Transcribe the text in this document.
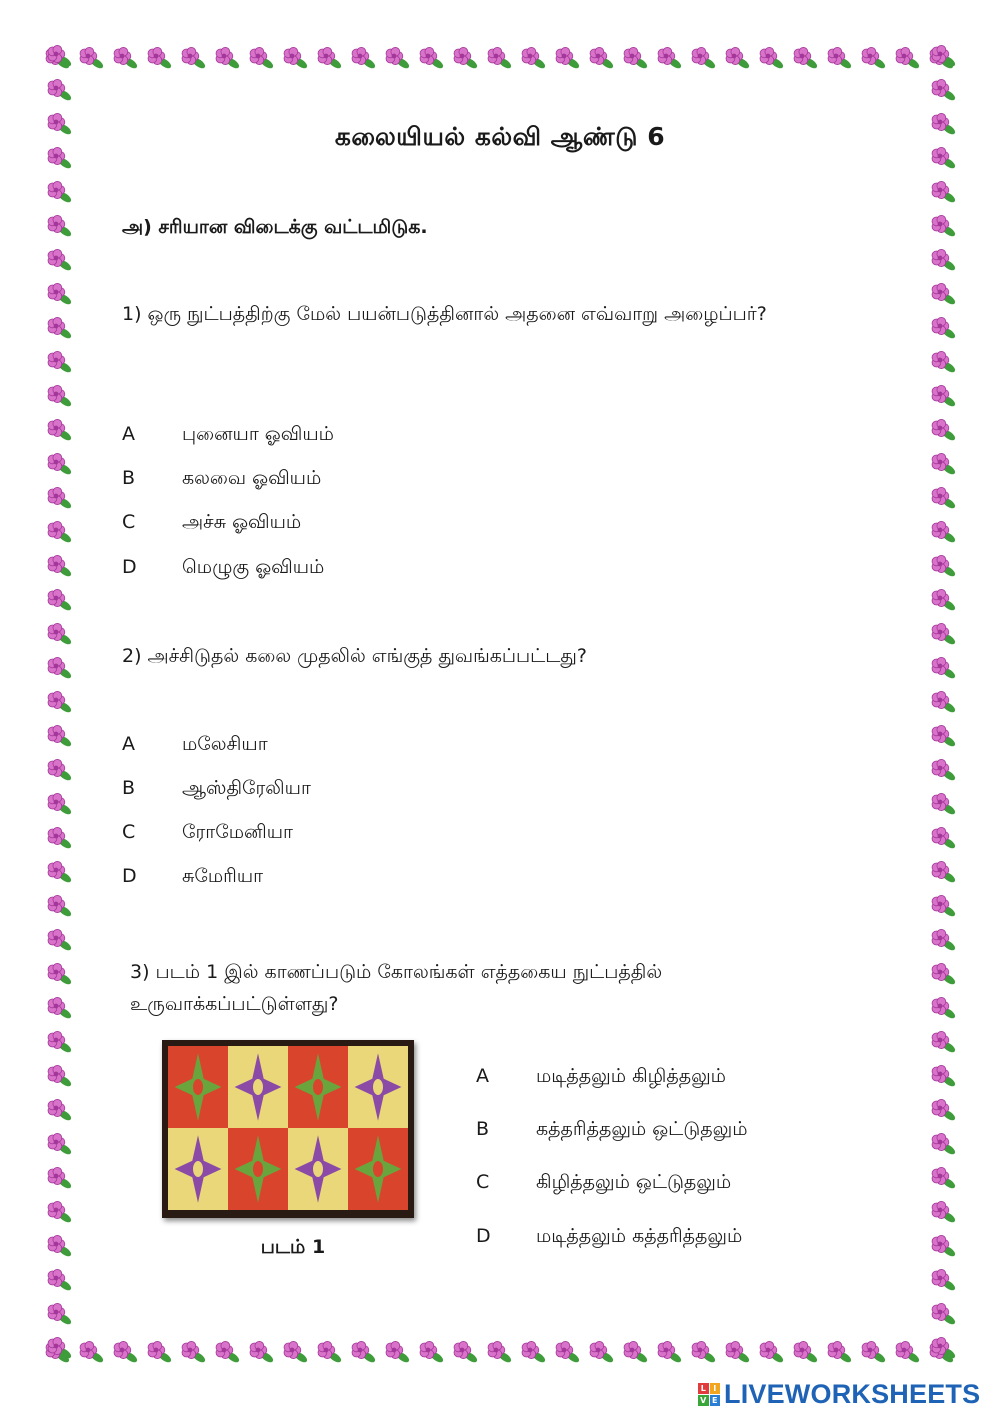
கலையியல் கல்வி ஆண்டு 6
அ) சரியான விடைக்கு வட்டமிடுக.
1) ஒரு நுட்பத்திற்கு மேல் பயன்படுத்தினால் அதனை எவ்வாறு அழைப்பர்?
A	புனையா ஓவியம்
B	கலவை ஓவியம்
C	அச்சு ஓவியம்
D	மெழுகு ஓவியம்
2) அச்சிடுதல் கலை முதலில் எங்குத் துவங்கப்பட்டது?
A	மலேசியா
B	ஆஸ்திரேலியா
C	ரோமேனியா
D	சுமேரியா
3) படம் 1 இல் காணப்படும் கோலங்கள் எத்தகைய நுட்பத்தில் உருவாக்கப்பட்டுள்ளது?
படம் 1
A	மடித்தலும் கிழித்தலும்
B	கத்தரித்தலும் ஒட்டுதலும்
C	கிழித்தலும் ஒட்டுதலும்
D	மடித்தலும் கத்தரித்தலும்
L I
V E LIVEWORKSHEETS
